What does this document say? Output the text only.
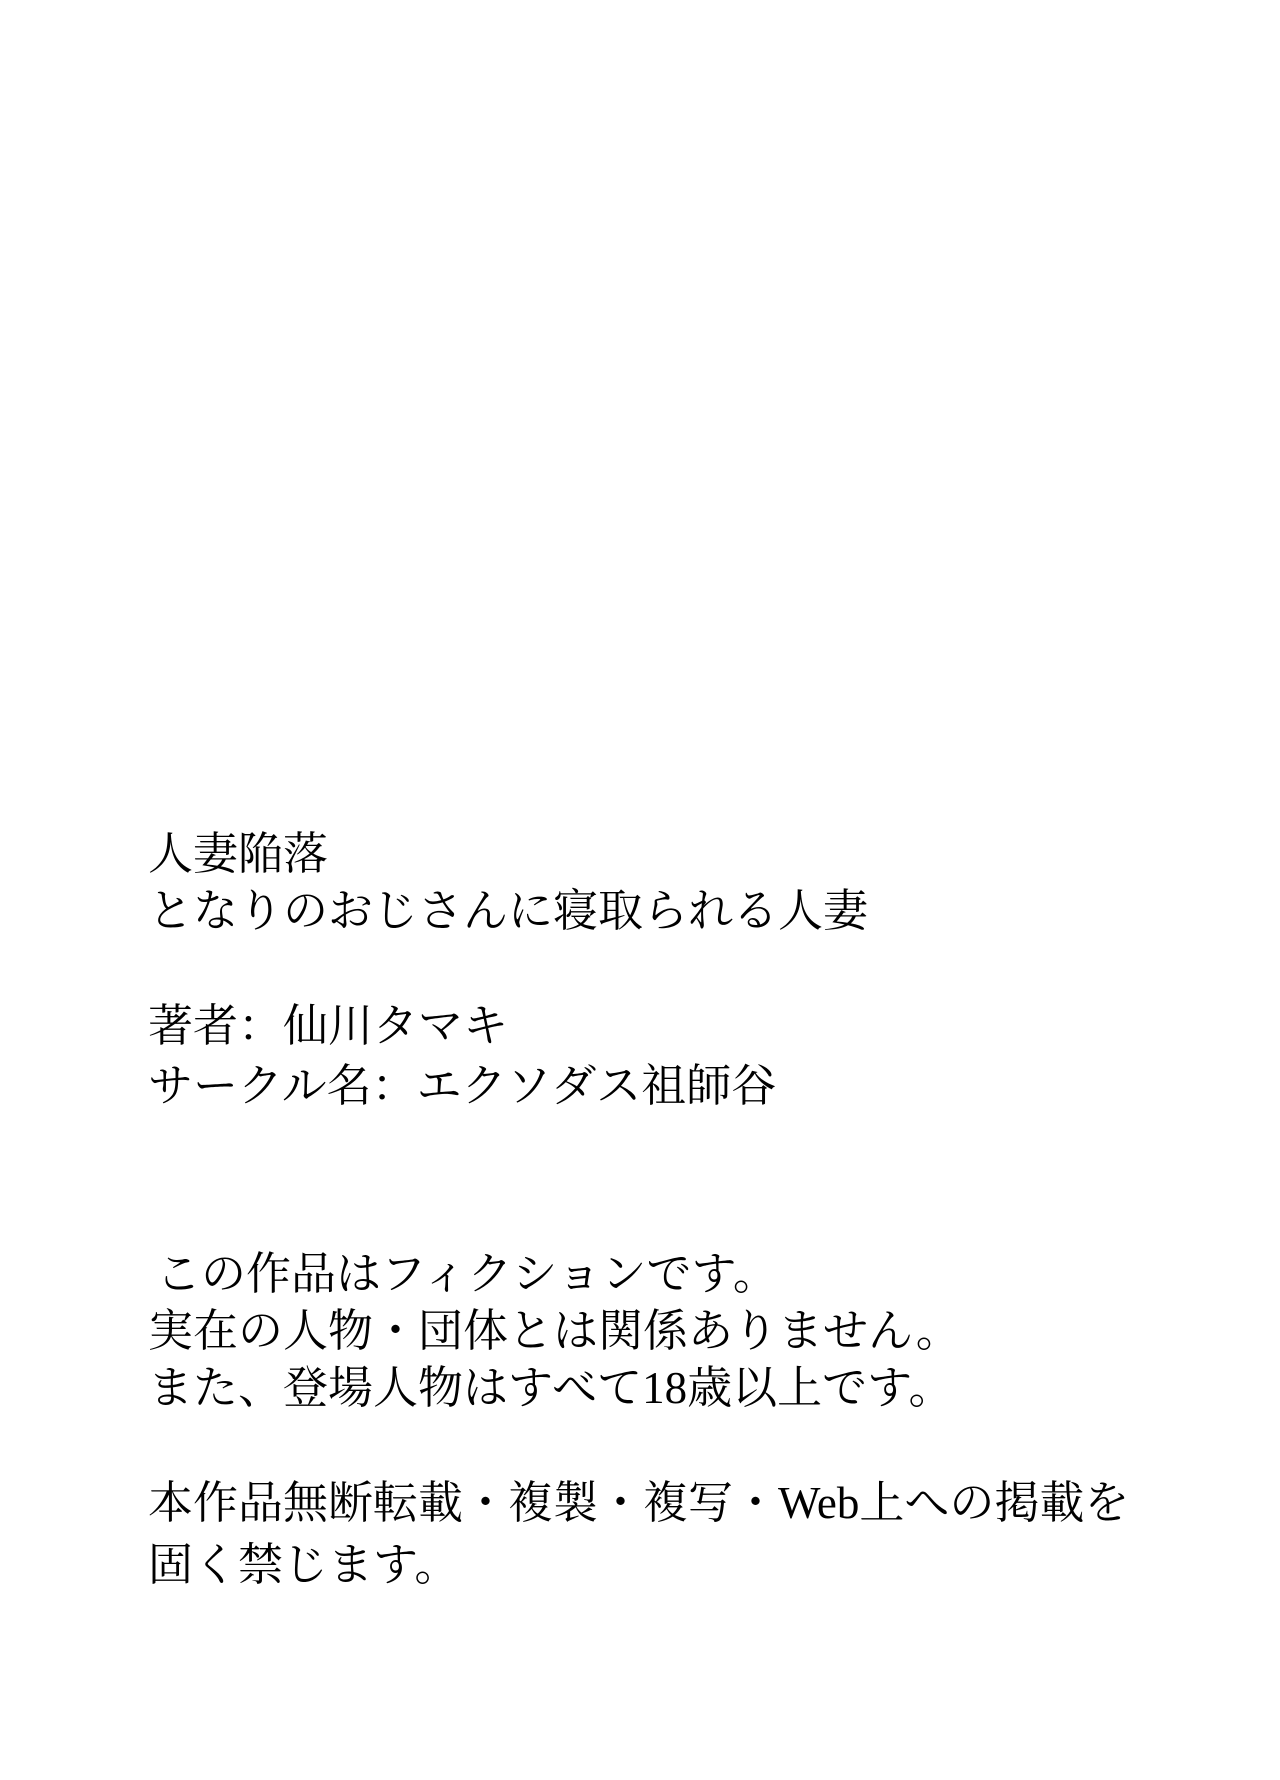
人妻陥落
となりのおじさんに寝取られる人妻
著者：仙川タマキ
サークル名：エクソダス祖師谷
この作品はフィクションです。
実在の人物・団体とは関係ありません。
また、登場人物はすべて18歳以上です。
本作品無断転載・複製・複写・Web上への掲載を
固く禁じます。
